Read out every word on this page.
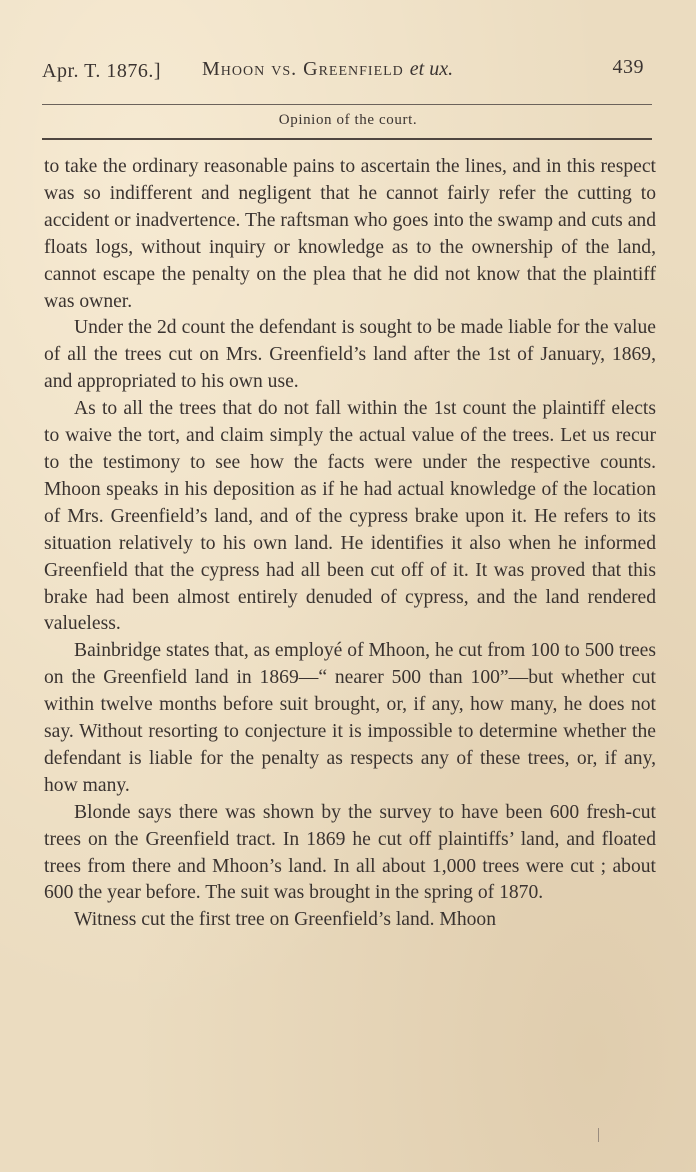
Apr. T. 1876.] Mhoon vs. Greenfield et ux.	439
Opinion of the court.

to take the ordinary reasonable pains to ascertain the lines, and in this respect was so indifferent and negligent that he cannot fairly refer the cutting to accident or inadvertence. The raftsman who goes into the swamp and cuts and floats logs, without inquiry or knowledge as to the ownership of the land, cannot escape the penalty on the plea that he did not know that the plaintiff was owner.

Under the 2d count the defendant is sought to be made liable for the value of all the trees cut on Mrs. Greenfield’s land after the 1st of January, 1869, and appropriated to his own use.

As to all the trees that do not fall within the 1st count the plaintiff elects to waive the tort, and claim simply the actual value of the trees. Let us recur to the testimony to see how the facts were under the respective counts. Mhoon speaks in his deposition as if he had actual knowledge of the location of Mrs. Greenfield’s land, and of the cypress brake upon it. He refers to its situation relatively to his own land. He identifies it also when he informed Greenfield that the cypress had all been cut off of it. It was proved that this brake had been almost entirely denuded of cypress, and the land rendered valueless.

Bainbridge states that, as employé of Mhoon, he cut from 100 to 500 trees on the Greenfield land in 1869—“ nearer 500 than 100”—but whether cut within twelve months before suit brought, or, if any, how many, he does not say. Without resorting to conjecture it is impossible to determine whether the defendant is liable for the penalty as respects any of these trees, or, if any, how many.

Blonde says there was shown by the survey to have been 600 fresh-cut trees on the Greenfield tract. In 1869 he cut off plaintiffs’ land, and floated trees from there and Mhoon’s land. In all about 1,000 trees were cut ; about 600 the year before. The suit was brought in the spring of 1870.

Witness cut the first tree on Greenfield’s land. Mhoon
